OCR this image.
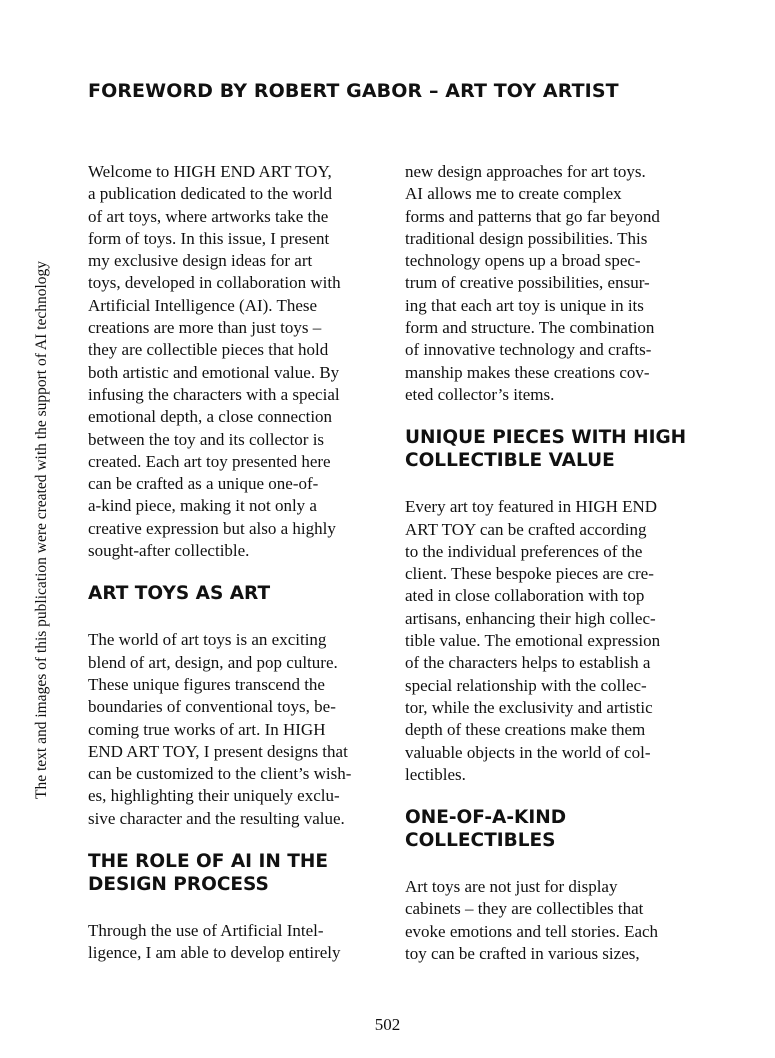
FOREWORD BY ROBERT GABOR – ART TOY ARTIST
The text and images of this publication were created with the support of AI technology

Welcome to HIGH END ART TOY,
a publication dedicated to the world
of art toys, where artworks take the
form of toys. In this issue, I present
my exclusive design ideas for art
toys, developed in collaboration with
Artificial Intelligence (AI). These
creations are more than just toys –
they are collectible pieces that hold
both artistic and emotional value. By
infusing the characters with a special
emotional depth, a close connection
between the toy and its collector is
created. Each art toy presented here
can be crafted as a unique one-of-
a-kind piece, making it not only a
creative expression but also a highly
sought-after collectible.

ART TOYS AS ART

The world of art toys is an exciting
blend of art, design, and pop culture.
These unique figures transcend the
boundaries of conventional toys, be-
coming true works of art. In HIGH
END ART TOY, I present designs that
can be customized to the client’s wish-
es, highlighting their uniquely exclu-
sive character and the resulting value.

THE ROLE OF AI IN THE
DESIGN PROCESS

Through the use of Artificial Intel-
ligence, I am able to develop entirely

new design approaches for art toys.
AI allows me to create complex
forms and patterns that go far beyond
traditional design possibilities. This
technology opens up a broad spec-
trum of creative possibilities, ensur-
ing that each art toy is unique in its
form and structure. The combination
of innovative technology and crafts-
manship makes these creations cov-
eted collector’s items.

UNIQUE PIECES WITH HIGH
COLLECTIBLE VALUE

Every art toy featured in HIGH END
ART TOY can be crafted according
to the individual preferences of the
client. These bespoke pieces are cre-
ated in close collaboration with top
artisans, enhancing their high collec-
tible value. The emotional expression
of the characters helps to establish a
special relationship with the collec-
tor, while the exclusivity and artistic
depth of these creations make them
valuable objects in the world of col-
lectibles.

ONE-OF-A-KIND
COLLECTIBLES

Art toys are not just for display
cabinets – they are collectibles that
evoke emotions and tell stories. Each
toy can be crafted in various sizes,

502
